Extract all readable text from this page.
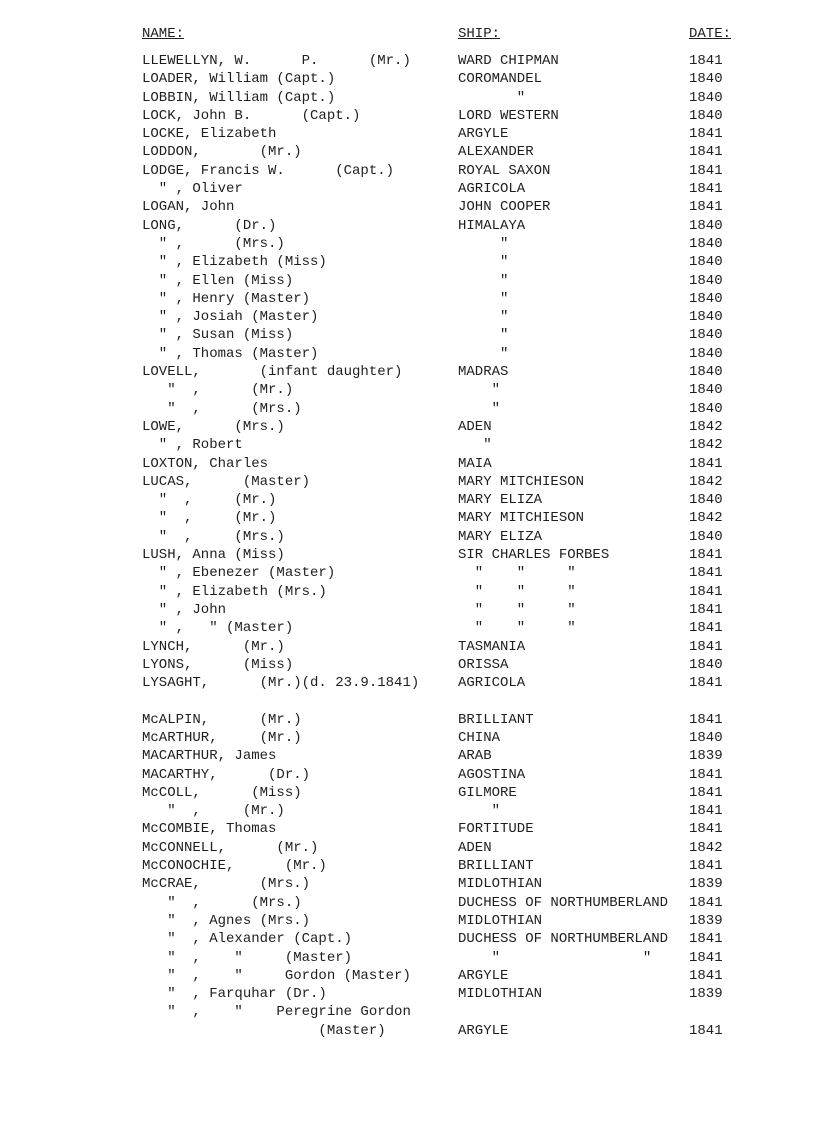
NAME:	SHIP:	DATE:
LLEWELLYN, W.      P.      (Mr.)	WARD CHIPMAN	1841
LOADER, William (Capt.)	COROMANDEL	1840
LOBBIN, William (Capt.)	"	1840
LOCK, John B.      (Capt.)	LORD WESTERN	1840
LOCKE, Elizabeth	ARGYLE	1841
LODDON,       (Mr.)	ALEXANDER	1841
LODGE, Francis W.      (Capt.)	ROYAL SAXON	1841
" , Oliver	AGRICOLA	1841
LOGAN, John	JOHN COOPER	1841
LONG,      (Dr.)	HIMALAYA	1840
" ,      (Mrs.)	"	1840
" , Elizabeth (Miss)	"	1840
" , Ellen (Miss)	"	1840
" , Henry (Master)	"	1840
" , Josiah (Master)	"	1840
" , Susan (Miss)	"	1840
" , Thomas (Master)	"	1840
LOVELL,       (infant daughter)	MADRAS	1840
"  ,      (Mr.)	"	1840
"  ,      (Mrs.)	"	1840
LOWE,      (Mrs.)	ADEN	1842
" , Robert	"	1842
LOXTON, Charles	MAIA	1841
LUCAS,      (Master)	MARY MITCHIESON	1842
"  ,     (Mr.)	MARY ELIZA	1840
"  ,     (Mr.)	MARY MITCHIESON	1842
"  ,     (Mrs.)	MARY ELIZA	1840
LUSH, Anna (Miss)	SIR CHARLES FORBES	1841
" , Ebenezer (Master)	"    "     "	1841
" , Elizabeth (Mrs.)	"    "     "	1841
" , John	"    "     "	1841
" ,   " (Master)	"    "     "	1841
LYNCH,      (Mr.)	TASMANIA	1841
LYONS,      (Miss)	ORISSA	1840
LYSAGHT,      (Mr.)(d. 23.9.1841)	AGRICOLA	1841
McALPIN,      (Mr.)	BRILLIANT	1841
McARTHUR,     (Mr.)	CHINA	1840
MACARTHUR, James	ARAB	1839
MACARTHY,      (Dr.)	AGOSTINA	1841
McCOLL,      (Miss)	GILMORE	1841
"  ,     (Mr.)	"	1841
McCOMBIE, Thomas	FORTITUDE	1841
McCONNELL,      (Mr.)	ADEN	1842
McCONOCHIE,      (Mr.)	BRILLIANT	1841
McCRAE,       (Mrs.)	MIDLOTHIAN	1839
"  ,      (Mrs.)	DUCHESS OF NORTHUMBERLAND 1841
"  , Agnes (Mrs.)	MIDLOTHIAN	1839
"  , Alexander (Capt.)	DUCHESS OF NORTHUMBERLAND 1841
"  ,    "     (Master)	"                 "	1841
"  ,    "     Gordon (Master)	ARGYLE	1841
"  , Farquhar (Dr.)	MIDLOTHIAN	1839
"  ,    "    Peregrine Gordon
(Master)	ARGYLE	1841
